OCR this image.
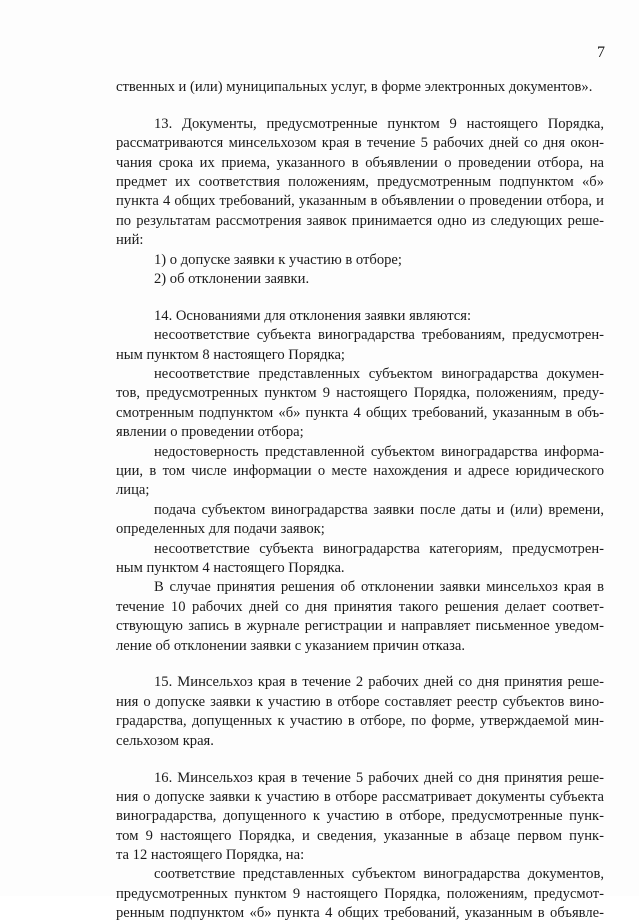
7
ственных и (или) муниципальных услуг, в форме электронных документов».
13. Документы, предусмотренные пунктом 9 настоящего Порядка,
рассматриваются минсельхозом края в течение 5 рабочих дней со дня окон-
чания срока их приема, указанного в объявлении о проведении отбора, на
предмет их соответствия положениям, предусмотренным подпунктом «б»
пункта 4 общих требований, указанным в объявлении о проведении отбора, и
по результатам рассмотрения заявок принимается одно из следующих реше-
ний:
1) о допуске заявки к участию в отборе;
2) об отклонении заявки.
14. Основаниями для отклонения заявки являются:
несоответствие субъекта виноградарства требованиям, предусмотрен-
ным пунктом 8 настоящего Порядка;
несоответствие представленных субъектом виноградарства докумен-
тов, предусмотренных пунктом 9 настоящего Порядка, положениям, преду-
смотренным подпунктом «б» пункта 4 общих требований, указанным в объ-
явлении о проведении отбора;
недостоверность представленной субъектом виноградарства информа-
ции, в том числе информации о месте нахождения и адресе юридического
лица;
подача субъектом виноградарства заявки после даты и (или) времени,
определенных для подачи заявок;
несоответствие субъекта виноградарства категориям, предусмотрен-
ным пунктом 4 настоящего Порядка.
В случае принятия решения об отклонении заявки минсельхоз края в
течение 10 рабочих дней со дня принятия такого решения делает соответ-
ствующую запись в журнале регистрации и направляет письменное уведом-
ление об отклонении заявки с указанием причин отказа.
15. Минсельхоз края в течение 2 рабочих дней со дня принятия реше-
ния о допуске заявки к участию в отборе составляет реестр субъектов вино-
градарства, допущенных к участию в отборе, по форме, утверждаемой мин-
сельхозом края.
16. Минсельхоз края в течение 5 рабочих дней со дня принятия реше-
ния о допуске заявки к участию в отборе рассматривает документы субъекта
виноградарства, допущенного к участию в отборе, предусмотренные пунк-
том 9 настоящего Порядка, и сведения, указанные в абзаце первом пунк-
та 12 настоящего Порядка, на:
соответствие представленных субъектом виноградарства документов,
предусмотренных пунктом 9 настоящего Порядка, положениям, предусмот-
ренным подпунктом «б» пункта 4 общих требований, указанным в объявле-
